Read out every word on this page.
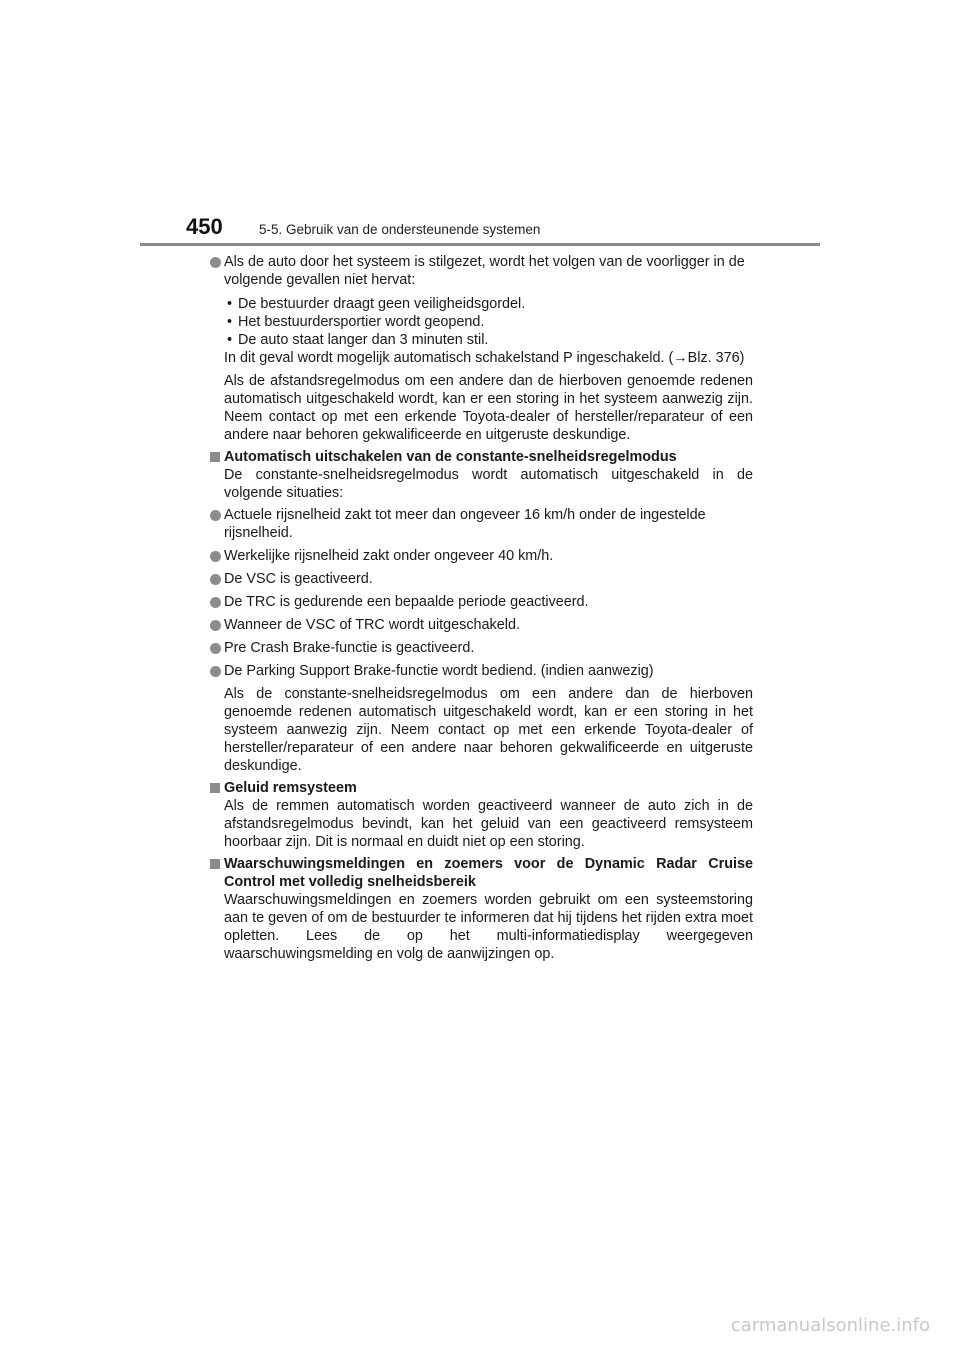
450	5-5. Gebruik van de ondersteunende systemen
Als de auto door het systeem is stilgezet, wordt het volgen van de voorligger in de volgende gevallen niet hervat:
• De bestuurder draagt geen veiligheidsgordel.
• Het bestuurdersportier wordt geopend.
• De auto staat langer dan 3 minuten stil.
In dit geval wordt mogelijk automatisch schakelstand P ingeschakeld. (→Blz. 376)
Als de afstandsregelmodus om een andere dan de hierboven genoemde redenen automatisch uitgeschakeld wordt, kan er een storing in het systeem aanwezig zijn. Neem contact op met een erkende Toyota-dealer of hersteller/reparateur of een andere naar behoren gekwalificeerde en uitgeruste deskundige.
Automatisch uitschakelen van de constante-snelheidsregelmodus
De constante-snelheidsregelmodus wordt automatisch uitgeschakeld in de volgende situaties:
Actuele rijsnelheid zakt tot meer dan ongeveer 16 km/h onder de ingestelde rijsnelheid.
Werkelijke rijsnelheid zakt onder ongeveer 40 km/h.
De VSC is geactiveerd.
De TRC is gedurende een bepaalde periode geactiveerd.
Wanneer de VSC of TRC wordt uitgeschakeld.
Pre Crash Brake-functie is geactiveerd.
De Parking Support Brake-functie wordt bediend. (indien aanwezig)
Als de constante-snelheidsregelmodus om een andere dan de hierboven genoemde redenen automatisch uitgeschakeld wordt, kan er een storing in het systeem aanwezig zijn. Neem contact op met een erkende Toyota-dealer of hersteller/reparateur of een andere naar behoren gekwalificeerde en uitgeruste deskundige.
Geluid remsysteem
Als de remmen automatisch worden geactiveerd wanneer de auto zich in de afstandsregelmodus bevindt, kan het geluid van een geactiveerd remsysteem hoorbaar zijn. Dit is normaal en duidt niet op een storing.
Waarschuwingsmeldingen en zoemers voor de Dynamic Radar Cruise Control met volledig snelheidsbereik
Waarschuwingsmeldingen en zoemers worden gebruikt om een systeemstoring aan te geven of om de bestuurder te informeren dat hij tijdens het rijden extra moet opletten. Lees de op het multi-informatiedisplay weergegeven waarschuwingsmelding en volg de aanwijzingen op.
carmanualsonline.info
